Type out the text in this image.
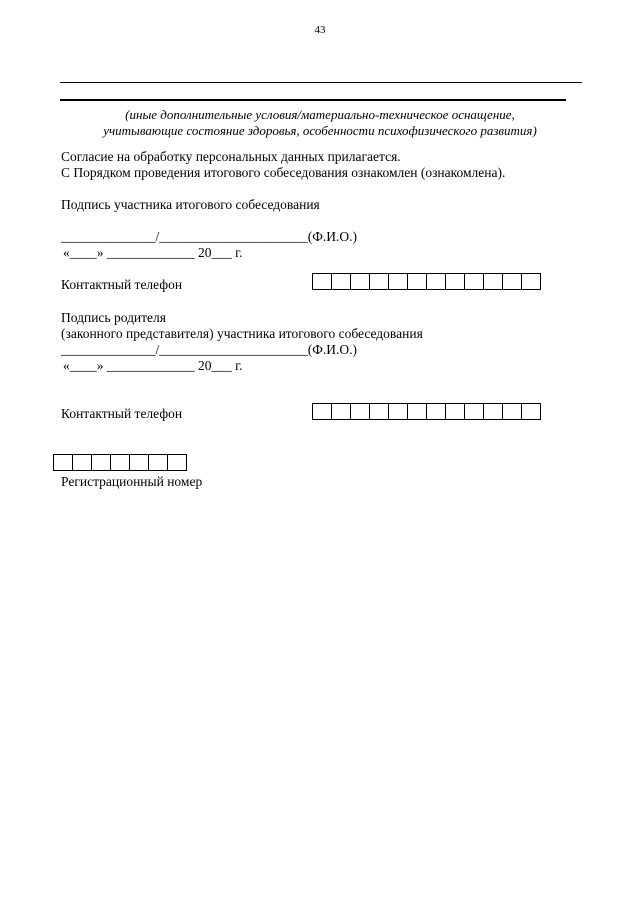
43
(иные дополнительные условия/материально-техническое оснащение,
учитывающие состояние здоровья, особенности психофизического развития)
Согласие на обработку персональных данных прилагается.
С Порядком проведения итогового собеседования ознакомлен (ознакомлена).
Подпись участника итогового собеседования
______________/______________________(Ф.И.О.)
«____» _____________ 20___ г.
Контактный телефон
Подпись родителя
(законного представителя) участника итогового собеседования
______________/______________________(Ф.И.О.)
«____» _____________ 20___ г.
Контактный телефон
Регистрационный номер
